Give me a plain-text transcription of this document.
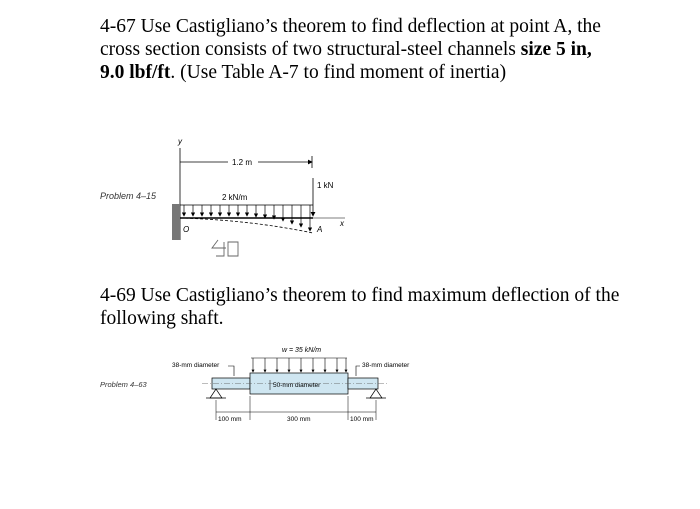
4-67 Use Castigliano’s theorem to find deflection at point A, the cross section consists of two structural-steel channels size 5 in, 9.0 lbf/ft. (Use Table A-7 to find moment of inertia)
Problem 4–15
y
1.2 m
2 kN/m
1 kN
x
A
O
4-69 Use Castigliano’s theorem to find maximum deflection of the following shaft.
Problem 4–63
w = 35 kN/m
38-mm diameter	38-mm diameter
50-mm diameter
100 mm	300 mm	100 mm
